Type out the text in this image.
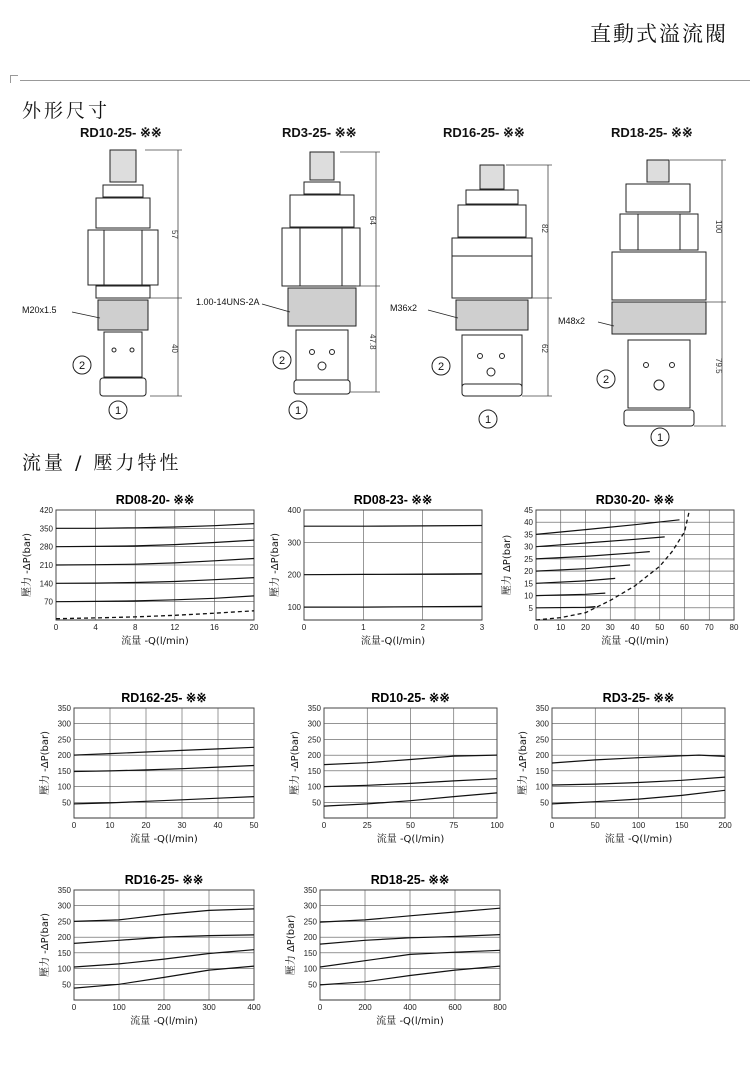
直動式溢流閥
外形尺寸
流量 / 壓力特性
RD10-25- ※※	RD3-25- ※※	RD16-25- ※※	RD18-25- ※※
M20x1.5
1.00-14UNS-2A
M36x2
M48x2
2
1
2
1
2
1
2
1
57
40
64
47.8
82
62
100
79.5
RD08-20- ※※
0	4	8	12	16	20
70
140
210
280
350
420
流量 -Q(l/min)
壓力 -ΔP(bar)
RD08-23- ※※
0	1	2	3
100
200
300
400
流量-Q(l/min)
壓力 -ΔP(bar)
RD30-20- ※※
0 10 20 30 40 50 60 70 80
5
10
15
20
25
30
35
40
45
流量 -Q(l/min)
壓力 ΔP(bar)
RD162-25- ※※
0	10	20	30	40	50
50
100
150
200
250
300
350
流量 -Q(l/min)
壓力 -ΔP(bar)
RD10-25- ※※
0	25	50	75	100
50
100
150
200
250
300
350
流量 -Q(l/min)
壓力 -ΔP(bar)
RD3-25- ※※
0	50	100	150	200
50
100
150
200
250
300
350
流量 -Q(l/min)
壓力 -ΔP(bar)
RD16-25- ※※
0	100	200	300	400
50
100
150
200
250
300
350
流量 -Q(l/min)
壓力 -ΔP(bar)
RD18-25- ※※
0	200	400	600	800
50
100
150
200
250
300
350
流量 -Q(l/min)
壓力 ΔP(bar)
